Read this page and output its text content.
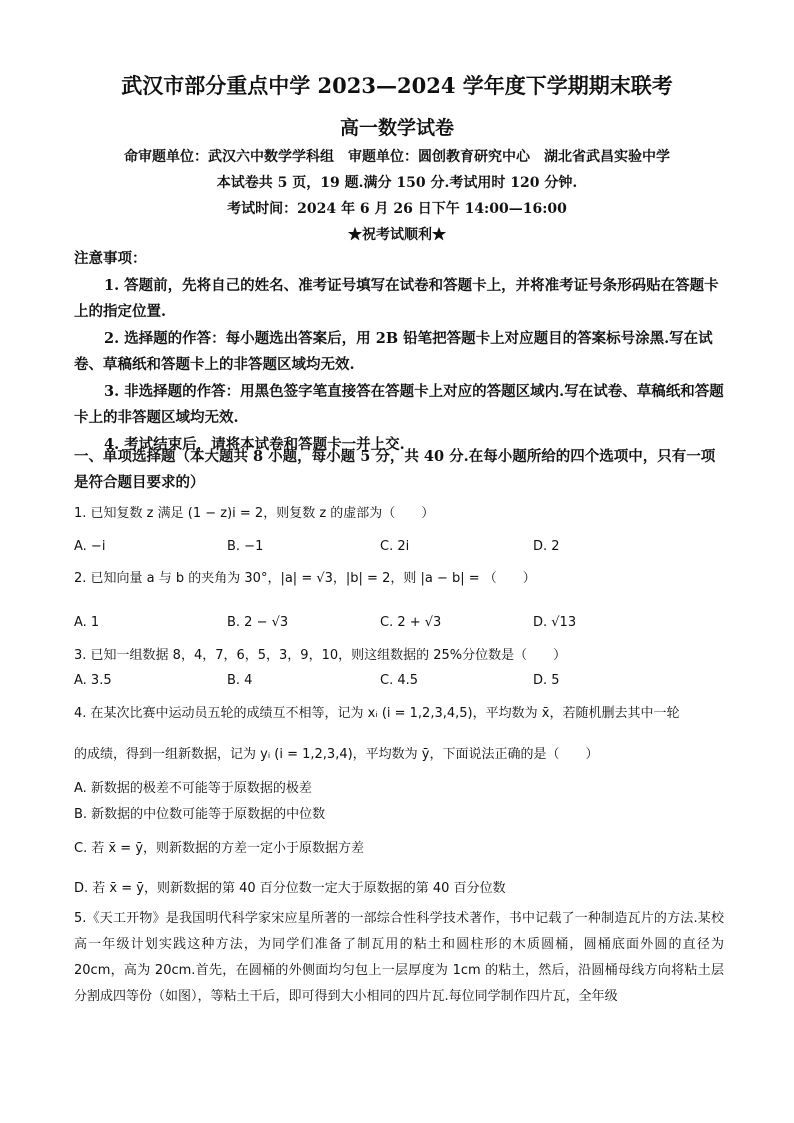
武汉市部分重点中学 2023—2024 学年度下学期期末联考
高一数学试卷
命审题单位：武汉六中数学学科组　审题单位：圆创教育研究中心　湖北省武昌实验中学
本试卷共 5 页，19 题.满分 150 分.考试用时 120 分钟.
考试时间：2024 年 6 月 26 日下午 14:00—16:00
★祝考试顺利★

注意事项：

1. 答题前，先将自己的姓名、准考证号填写在试卷和答题卡上，并将准考证号条形码贴在答题卡上的指定位置.

2. 选择题的作答：每小题选出答案后，用 2B 铅笔把答题卡上对应题目的答案标号涂黑.写在试卷、草稿纸和答题卡上的非答题区域均无效.

3. 非选择题的作答：用黑色签字笔直接答在答题卡上对应的答题区域内.写在试卷、草稿纸和答题卡上的非答题区域均无效.

4. 考试结束后，请将本试卷和答题卡一并上交.

一、单项选择题（本大题共 8 小题，每小题 5 分，共 40 分.在每小题所给的四个选项中，只有一项是符合题目要求的）
1. 已知复数 z 满足 (1 − z)i = 2，则复数 z 的虚部为（　　）
A. −i	B. −1	C. 2i	D. 2
2. 已知向量 a 与 b 的夹角为 30°，|a| = √3，|b| = 2，则 |a − b| = （　　）
A. 1	B. 2 − √3	C. 2 + √3	D. √13
3. 已知一组数据 8，4，7，6，5，3，9，10，则这组数据的 25%分位数是（　　）
A. 3.5	B. 4	C. 4.5	D. 5
4. 在某次比赛中运动员五轮的成绩互不相等，记为 xᵢ (i = 1,2,3,4,5)，平均数为 x̄，若随机删去其中一轮
的成绩，得到一组新数据，记为 yᵢ (i = 1,2,3,4)，平均数为 ȳ，下面说法正确的是（　　）
A. 新数据的极差不可能等于原数据的极差
B. 新数据的中位数可能等于原数据的中位数
C. 若 x̄ = ȳ，则新数据的方差一定小于原数据方差
D. 若 x̄ = ȳ，则新数据的第 40 百分位数一定大于原数据的第 40 百分位数
5.《天工开物》是我国明代科学家宋应星所著的一部综合性科学技术著作，书中记载了一种制造瓦片的方法.某校高一年级计划实践这种方法，为同学们准备了制瓦用的粘土和圆柱形的木质圆桶，圆桶底面外圆的直径为 20cm，高为 20cm.首先，在圆桶的外侧面均匀包上一层厚度为 1cm 的粘土，然后，沿圆桶母线方向将粘土层分割成四等份（如图），等粘土干后，即可得到大小相同的四片瓦.每位同学制作四片瓦，全年级
